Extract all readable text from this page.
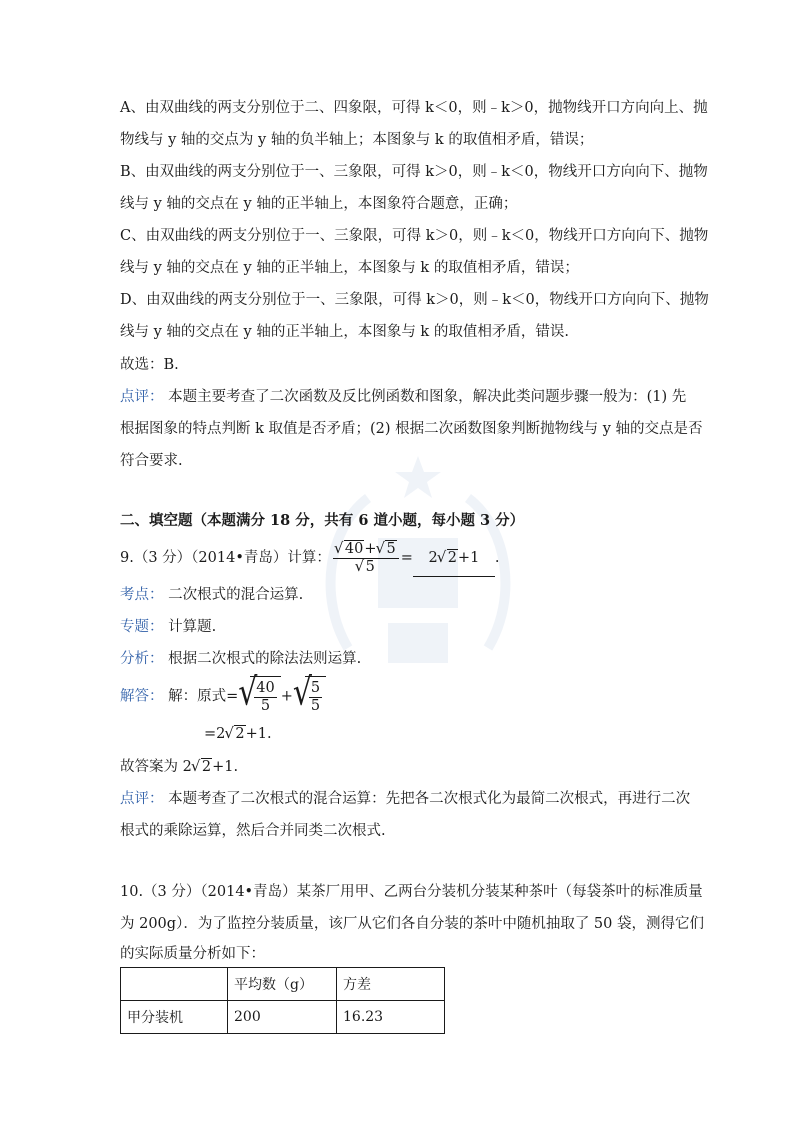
A、由双曲线的两支分别位于二、四象限，可得 k＜0，则﹣k＞0，抛物线开口方向向上、抛
物线与 y 轴的交点为 y 轴的负半轴上；本图象与 k 的取值相矛盾，错误；
B、由双曲线的两支分别位于一、三象限，可得 k＞0，则﹣k＜0，物线开口方向向下、抛物
线与 y 轴的交点在 y 轴的正半轴上，本图象符合题意，正确；
C、由双曲线的两支分别位于一、三象限，可得 k＞0，则﹣k＜0，物线开口方向向下、抛物
线与 y 轴的交点在 y 轴的正半轴上，本图象与 k 的取值相矛盾，错误；
D、由双曲线的两支分别位于一、三象限，可得 k＞0，则﹣k＜0，物线开口方向向下、抛物
线与 y 轴的交点在 y 轴的正半轴上，本图象与 k 的取值相矛盾，错误.
故选：B.
点评： 本题主要考查了二次函数及反比例函数和图象，解决此类问题步骤一般为：(1) 先
根据图象的特点判断 k 取值是否矛盾；(2) 根据二次函数图象判断抛物线与 y 轴的交点是否
符合要求.
二、填空题（本题满分 18 分，共有 6 道小题，每小题 3 分）
9.（3 分）（2014•青岛）计算： √ 40+ √ 5
√ 5 = 2 √ 2+1 .
考点： 二次根式的混合运算.
专题： 计算题.
分析： 根据二次根式的除法法则运算.
解答： 解：原式= √ $\frac{40}{5}$ + √ $\frac{5}{5}$
=2 √ 2+1.
故答案为 2 √ 2+1.
点评： 本题考查了二次根式的混合运算：先把各二次根式化为最简二次根式，再进行二次
根式的乘除运算，然后合并同类二次根式.
10.（3 分）（2014•青岛）某茶厂用甲、乙两台分装机分装某种茶叶（每袋茶叶的标准质量
为 200g）．为了监控分装质量，该厂从它们各自分装的茶叶中随机抽取了 50 袋，测得它们
的实际质量分析如下：
	平均数（g）	方差
甲分装机	200	16.23
